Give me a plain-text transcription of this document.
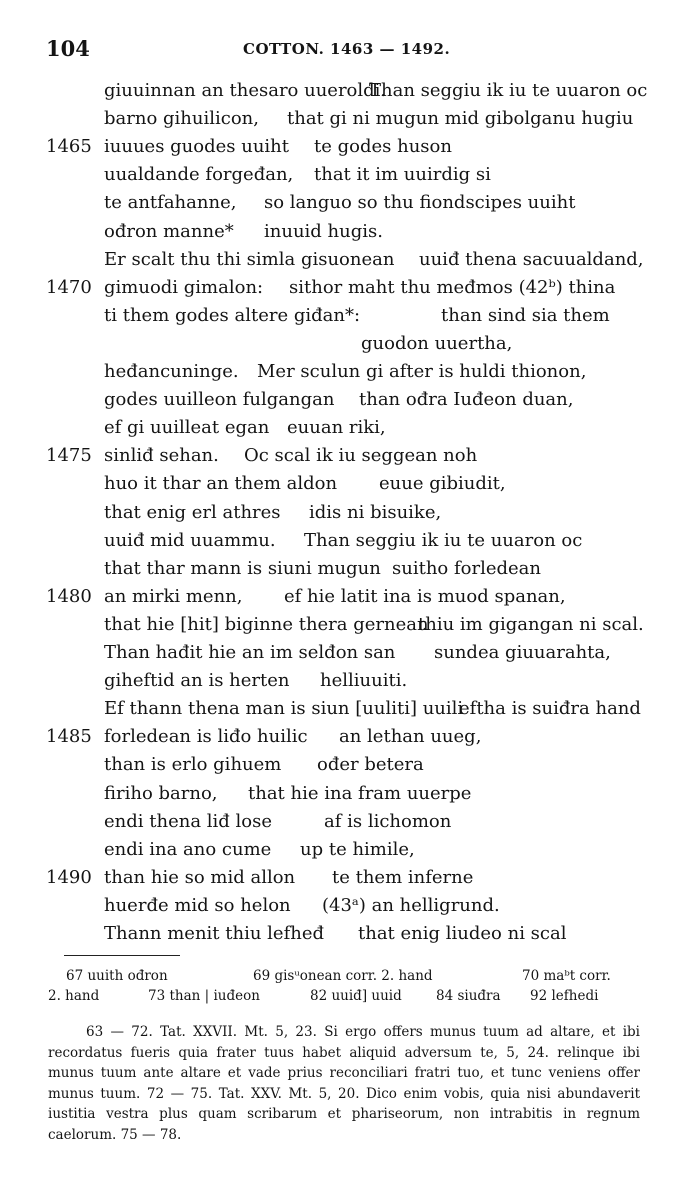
104	COTTON. 1463 — 1492.
giuuinnan an thesaro uueroldi.
Than seggiu ik iu te uuaron oc
barno gihuilicon, that gi ni mugun mid gibolganu hugiu
1465 iuuues guodes uuiht te godes huson
uualdande forgeđan, that it im uuirdig si
te antfahanne, so languo so thu fiondscipes uuiht
ođron manne* inuuid hugis.
Er scalt thu thi simla gisuonean uuiđ thena sacuualdand,
1470 gimuodi gimalon: sithor maht thu međmos (42ᵇ) thina
ti them godes altere giđan*:	than sind sia them
guodon uuertha,
heđancuninge. Mer sculun gi after is huldi thionon,
godes uuilleon fulgangan than ođra Iuđeon duan,
ef gi uuilleat egan euuan riki,
1475 sinliđ sehan. Oc scal ik iu seggean noh
huo it thar an them aldon euue gibiudit,
that enig erl athres idis ni bisuike,
uuiđ mid uuammu. Than seggiu ik iu te uuaron oc
that thar mann is siuni mugun suitho forledean
1480 an mirki menn, ef hie latit ina is muod spanan,
that hie [hit] biginne thera gernean
thiu im gigangan ni scal.
Than hađit hie an im selđon san sundea giuuarahta,
giheftid an is herten helliuuiti.
Ef thann thena man is siun [uuliti] uuili
eftha is suiđra hand
1485 forledean is liđo huilic an lethan uueg,
than is erlo gihuem ođer betera
firiho barno, that hie ina fram uuerpe
endi thena liđ lose	af is lichomon
endi ina ano cume up te himile,
1490 than hie so mid allon te them inferne
huerđe mid so helon (43ᵃ) an helligrund.
Thann menit thiu lefheđ that enig liudeo ni scal
67 uuith ođron	69 gisᵘonean corr. 2. hand	70 maᵇt corr.
2. hand	73 than | iuđeon	82 uuiđ] uuid	84 siuđra 92 lefhedi

63 — 72. Tat. XXVII. Mt. 5, 23. Si ergo offers munus tuum ad altare, et ibi recordatus fueris quia frater tuus habet aliquid adversum te, 5, 24. relinque ibi munus tuum ante altare et vade prius reconciliari fratri tuo, et tunc veniens offer munus tuum. 72 — 75. Tat. XXV. Mt. 5, 20. Dico enim vobis, quia nisi abundaverit iustitia vestra plus quam scribarum et phariseorum, non intrabitis in regnum caelorum. 75 — 78.
